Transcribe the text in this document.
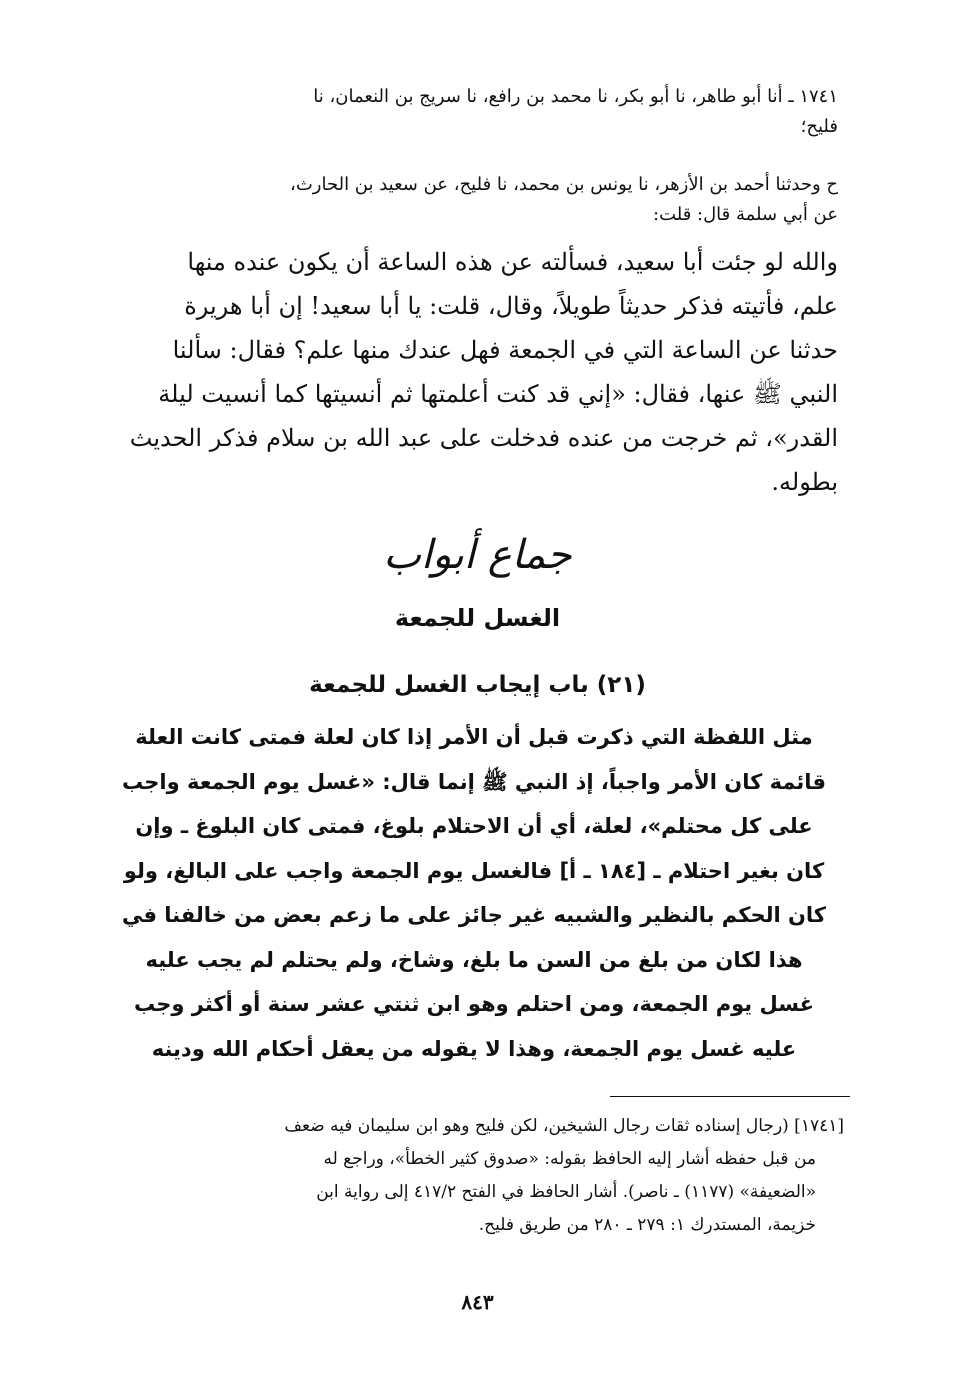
١٧٤١ ـ أنا أبو طاهر، نا أبو بكر، نا محمد بن رافع، نا سريج بن النعمان، نا
فليح؛
ح وحدثنا أحمد بن الأزهر، نا يونس بن محمد، نا فليح، عن سعيد بن الحارث،
عن أبي سلمة قال: قلت:
والله لو جئت أبا سعيد، فسألته عن هذه الساعة أن يكون عنده منها
علم، فأتيته فذكر حديثاً طويلاً، وقال، قلت: يا أبا سعيد! إن أبا هريرة
حدثنا عن الساعة التي في الجمعة فهل عندك منها علم؟ فقال: سألنا
النبي ﷺ عنها، فقال: «إني قد كنت أعلمتها ثم أنسيتها كما أنسيت ليلة
القدر»، ثم خرجت من عنده فدخلت على عبد الله بن سلام فذكر الحديث
بطوله.
جماع أبواب
الغسل للجمعة
(٢١) باب إيجاب الغسل للجمعة
مثل اللفظة التي ذكرت قبل أن الأمر إذا كان لعلة فمتى كانت العلة
قائمة كان الأمر واجباً، إذ النبي ﷺ إنما قال: «غسل يوم الجمعة واجب
على كل محتلم»، لعلة، أي أن الاحتلام بلوغ، فمتى كان البلوغ ـ وإن
كان بغير احتلام ـ [١٨٤ ـ أ] فالغسل يوم الجمعة واجب على البالغ، ولو
كان الحكم بالنظير والشبيه غير جائز على ما زعم بعض من خالفنا في
هذا لكان من بلغ من السن ما بلغ، وشاخ، ولم يحتلم لم يجب عليه
غسل يوم الجمعة، ومن احتلم وهو ابن ثنتي عشر سنة أو أكثر وجب
عليه غسل يوم الجمعة، وهذا لا يقوله من يعقل أحكام الله ودينه
[١٧٤١] (رجال إسناده ثقات رجال الشيخين، لكن فليح وهو ابن سليمان فيه ضعف
من قبل حفظه أشار إليه الحافظ بقوله: «صدوق كثير الخطأ»، وراجع له
«الضعيفة» (١١٧٧) ـ ناصر). أشار الحافظ في الفتح ٤١٧/٢ إلى رواية ابن
خزيمة، المستدرك ١: ٢٧٩ ـ ٢٨٠ من طريق فليح.
٨٤٣
